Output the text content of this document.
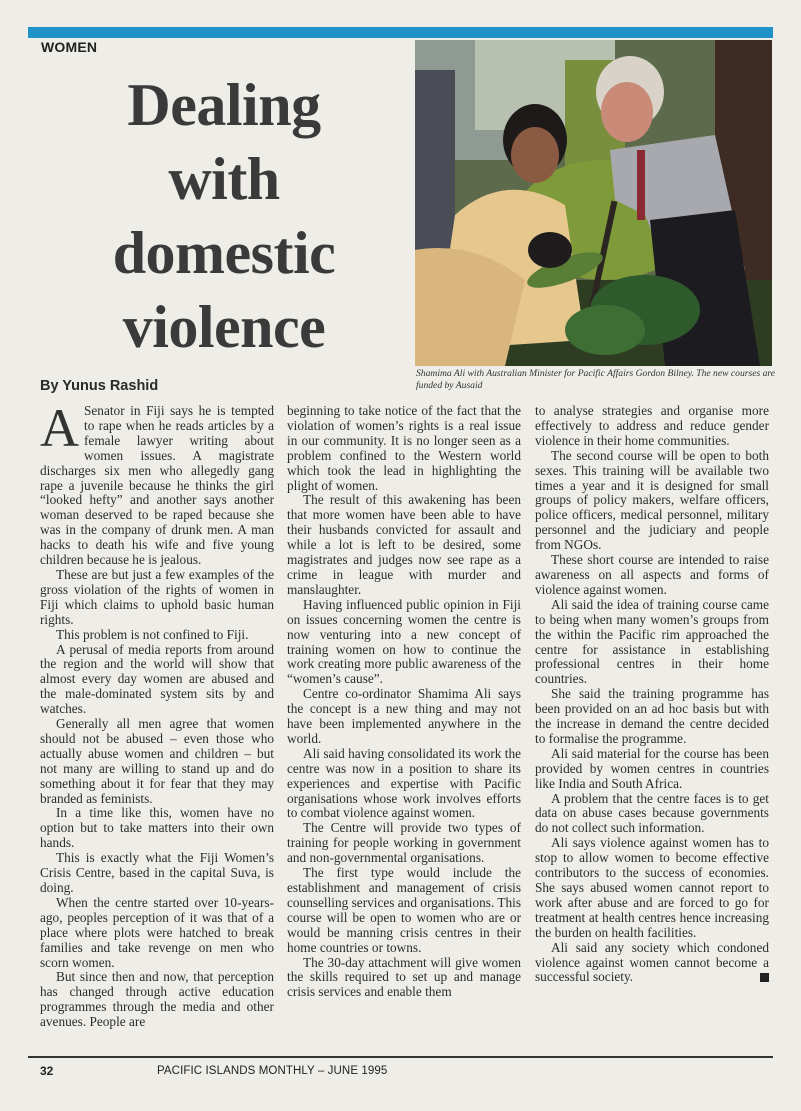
WOMEN
Dealing
with
domestic
violence
Shamima Ali with Australian Minister for Pacific Affairs Gordon Bilney. The new courses are funded by Ausaid
By Yunus Rashid

A Senator in Fiji says he is tempted to rape when he reads articles by a female lawyer writing about women issues. A magistrate discharges six men who allegedly gang rape a juvenile because he thinks the girl “looked hefty” and another says another woman deserved to be raped because she was in the company of drunk men. A man hacks to death his wife and five young children because he is jealous.

These are but just a few examples of the gross violation of the rights of women in Fiji which claims to uphold basic human rights.

This problem is not confined to Fiji.

A perusal of media reports from around the region and the world will show that almost every day women are abused and the male-dominated system sits by and watches.

Generally all men agree that women should not be abused – even those who actually abuse women and children – but not many are willing to stand up and do something about it for fear that they may branded as feminists.

In a time like this, women have no option but to take matters into their own hands.

This is exactly what the Fiji Women’s Crisis Centre, based in the capital Suva, is doing.

When the centre started over 10-years-ago, peoples perception of it was that of a place where plots were hatched to break families and take revenge on men who scorn women.

But since then and now, that perception has changed through active education programmes through the media and other avenues. People are

beginning to take notice of the fact that the violation of women’s rights is a real issue in our community. It is no longer seen as a problem confined to the Western world which took the lead in highlighting the plight of women.

The result of this awakening has been that more women have been able to have their husbands convicted for assault and while a lot is left to be desired, some magistrates and judges now see rape as a crime in league with murder and manslaughter.

Having influenced public opinion in Fiji on issues concerning women the centre is now venturing into a new concept of training women on how to continue the work creating more public awareness of the “women’s cause”.

Centre co-ordinator Shamima Ali says the concept is a new thing and may not have been implemented anywhere in the world.

Ali said having consolidated its work the centre was now in a position to share its experiences and expertise with Pacific organisations whose work involves efforts to combat violence against women.

The Centre will provide two types of training for people working in government and non-governmental organisations.

The first type would include the establishment and management of crisis counselling services and organisations. This course will be open to women who are or would be manning crisis centres in their home countries or towns.

The 30-day attachment will give women the skills required to set up and manage crisis services and enable them

to analyse strategies and organise more effectively to address and reduce gender violence in their home communities.

The second course will be open to both sexes. This training will be available two times a year and it is designed for small groups of policy makers, welfare officers, police officers, medical personnel, military personnel and the judiciary and people from NGOs.

These short course are intended to raise awareness on all aspects and forms of violence against women.

Ali said the idea of training course came to being when many women’s groups from the within the Pacific rim approached the centre for assistance in establishing professional centres in their home countries.

She said the training programme has been provided on an ad hoc basis but with the increase in demand the centre decided to formalise the programme.

Ali said material for the course has been provided by women centres in countries like India and South Africa.

A problem that the centre faces is to get data on abuse cases because governments do not collect such information.

Ali says violence against women has to stop to allow women to become effective contributors to the success of economies. She says abused women cannot report to work after abuse and are forced to go for treatment at health centres hence increasing the burden on health facilities.

Ali said any society which condoned violence against women cannot become a successful society.

32	PACIFIC ISLANDS MONTHLY – JUNE 1995
